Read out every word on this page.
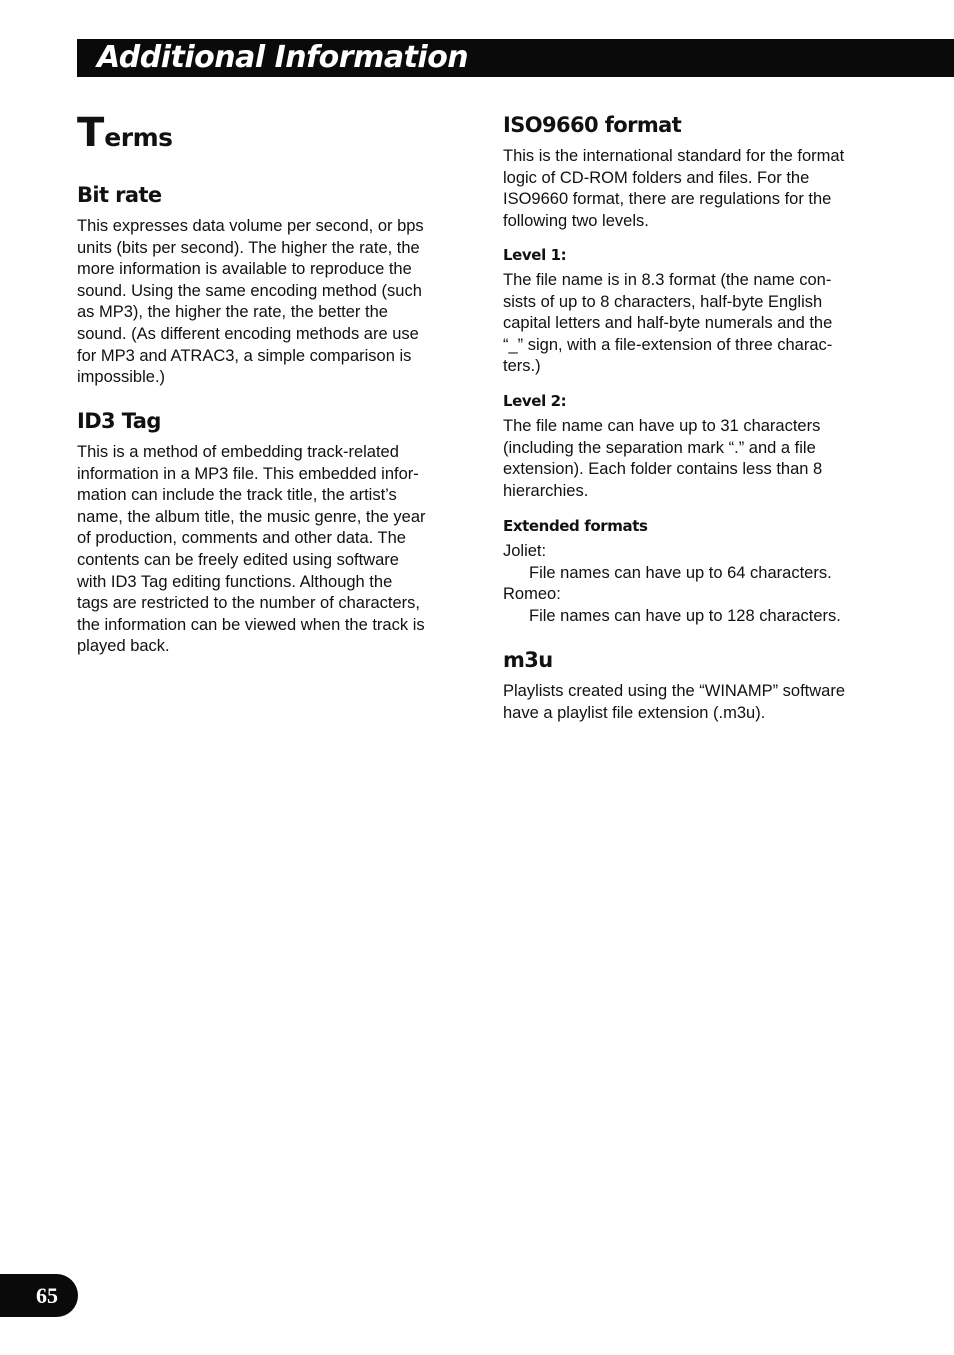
Additional Information
Terms
Bit rate
This expresses data volume per second, or bps
units (bits per second). The higher the rate, the
more information is available to reproduce the
sound. Using the same encoding method (such
as MP3), the higher the rate, the better the
sound. (As different encoding methods are use
for MP3 and ATRAC3, a simple comparison is
impossible.)
ID3 Tag
This is a method of embedding track-related
information in a MP3 file. This embedded infor-
mation can include the track title, the artist’s
name, the album title, the music genre, the year
of production, comments and other data. The
contents can be freely edited using software
with ID3 Tag editing functions. Although the
tags are restricted to the number of characters,
the information can be viewed when the track is
played back.
ISO9660 format
This is the international standard for the format
logic of CD-ROM folders and files. For the
ISO9660 format, there are regulations for the
following two levels.
Level 1:
The file name is in 8.3 format (the name con-
sists of up to 8 characters, half-byte English
capital letters and half-byte numerals and the
“_” sign, with a file-extension of three charac-
ters.)
Level 2:
The file name can have up to 31 characters
(including the separation mark “.” and a file
extension). Each folder contains less than 8
hierarchies.
Extended formats
Joliet:
File names can have up to 64 characters.
Romeo:
File names can have up to 128 characters.
m3u
Playlists created using the “WINAMP” software
have a playlist file extension (.m3u).
65
